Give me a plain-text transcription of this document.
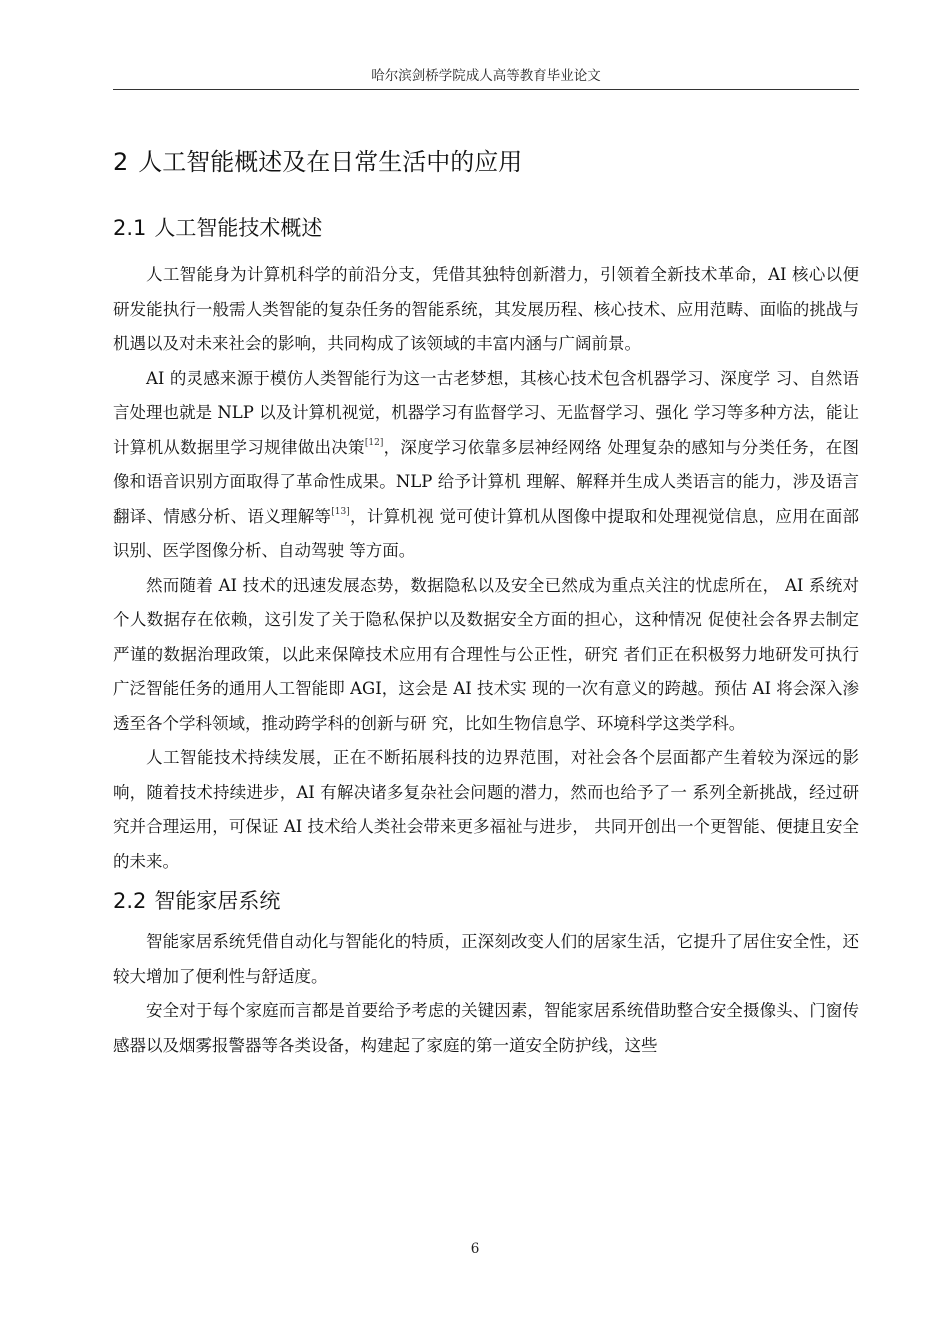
哈尔滨剑桥学院成人高等教育毕业论文
2 人工智能概述及在日常生活中的应用
2.1 人工智能技术概述

人工智能身为计算机科学的前沿分支，凭借其独特创新潜力，引领着全新技术革命，AI 核心以便研发能执行一般需人类智能的复杂任务的智能系统，其发展历程、核心技术、应用范畴、面临的挑战与机遇以及对未来社会的影响，共同构成了该领域的丰富内涵与广阔前景。

AI 的灵感来源于模仿人类智能行为这一古老梦想，其核心技术包含机器学习、深度学 习、自然语言处理也就是 NLP 以及计算机视觉，机器学习有监督学习、无监督学习、强化 学习等多种方法，能让计算机从数据里学习规律做出决策[12]，深度学习依靠多层神经网络 处理复杂的感知与分类任务，在图像和语音识别方面取得了革命性成果。NLP 给予计算机 理解、解释并生成人类语言的能力，涉及语言翻译、情感分析、语义理解等[13]，计算机视 觉可使计算机从图像中提取和处理视觉信息，应用在面部识别、医学图像分析、自动驾驶 等方面。

然而随着 AI 技术的迅速发展态势，数据隐私以及安全已然成为重点关注的忧虑所在， AI 系统对个人数据存在依赖，这引发了关于隐私保护以及数据安全方面的担心，这种情况 促使社会各界去制定严谨的数据治理政策，以此来保障技术应用有合理性与公正性，研究 者们正在积极努力地研发可执行广泛智能任务的通用人工智能即 AGI，这会是 AI 技术实 现的一次有意义的跨越。预估 AI 将会深入渗透至各个学科领域，推动跨学科的创新与研 究，比如生物信息学、环境科学这类学科。

人工智能技术持续发展，正在不断拓展科技的边界范围，对社会各个层面都产生着较为深远的影响，随着技术持续进步，AI 有解决诸多复杂社会问题的潜力，然而也给予了一 系列全新挑战，经过研究并合理运用，可保证 AI 技术给人类社会带来更多福祉与进步， 共同开创出一个更智能、便捷且安全的未来。

2.2 智能家居系统

智能家居系统凭借自动化与智能化的特质，正深刻改变人们的居家生活，它提升了居住安全性，还较大增加了便利性与舒适度。

安全对于每个家庭而言都是首要给予考虑的关键因素，智能家居系统借助整合安全摄像头、门窗传感器以及烟雾报警器等各类设备，构建起了家庭的第一道安全防护线，这些

6
